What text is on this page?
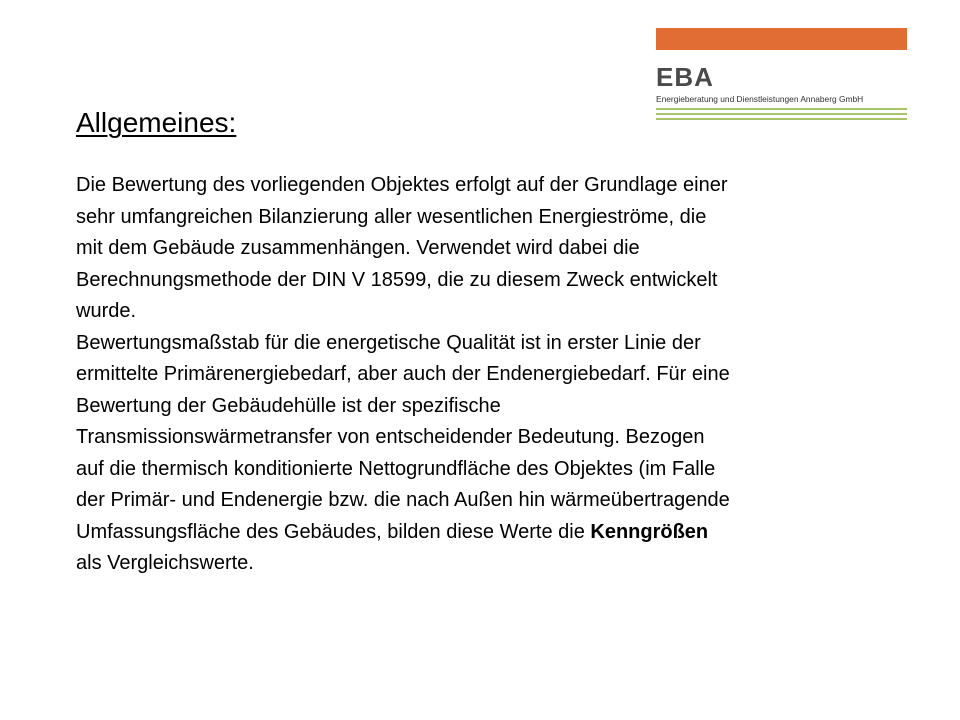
EBA
Energieberatung und Dienstleistungen Annaberg GmbH
Allgemeines:
Die Bewertung des vorliegenden Objektes erfolgt auf der Grundlage einer
sehr umfangreichen Bilanzierung aller wesentlichen Energieströme, die
mit dem Gebäude zusammenhängen. Verwendet wird dabei die
Berechnungsmethode der DIN V 18599, die zu diesem Zweck entwickelt
wurde.
Bewertungsmaßstab für die energetische Qualität ist in erster Linie der
ermittelte Primärenergiebedarf, aber auch der Endenergiebedarf. Für eine
Bewertung der Gebäudehülle ist der spezifische
Transmissionswärmetransfer von entscheidender Bedeutung. Bezogen
auf die thermisch konditionierte Nettogrundfläche des Objektes (im Falle
der Primär- und Endenergie bzw. die nach Außen hin wärmeübertragende
Umfassungsfläche des Gebäudes, bilden diese Werte die Kenngrößen
als Vergleichswerte.
